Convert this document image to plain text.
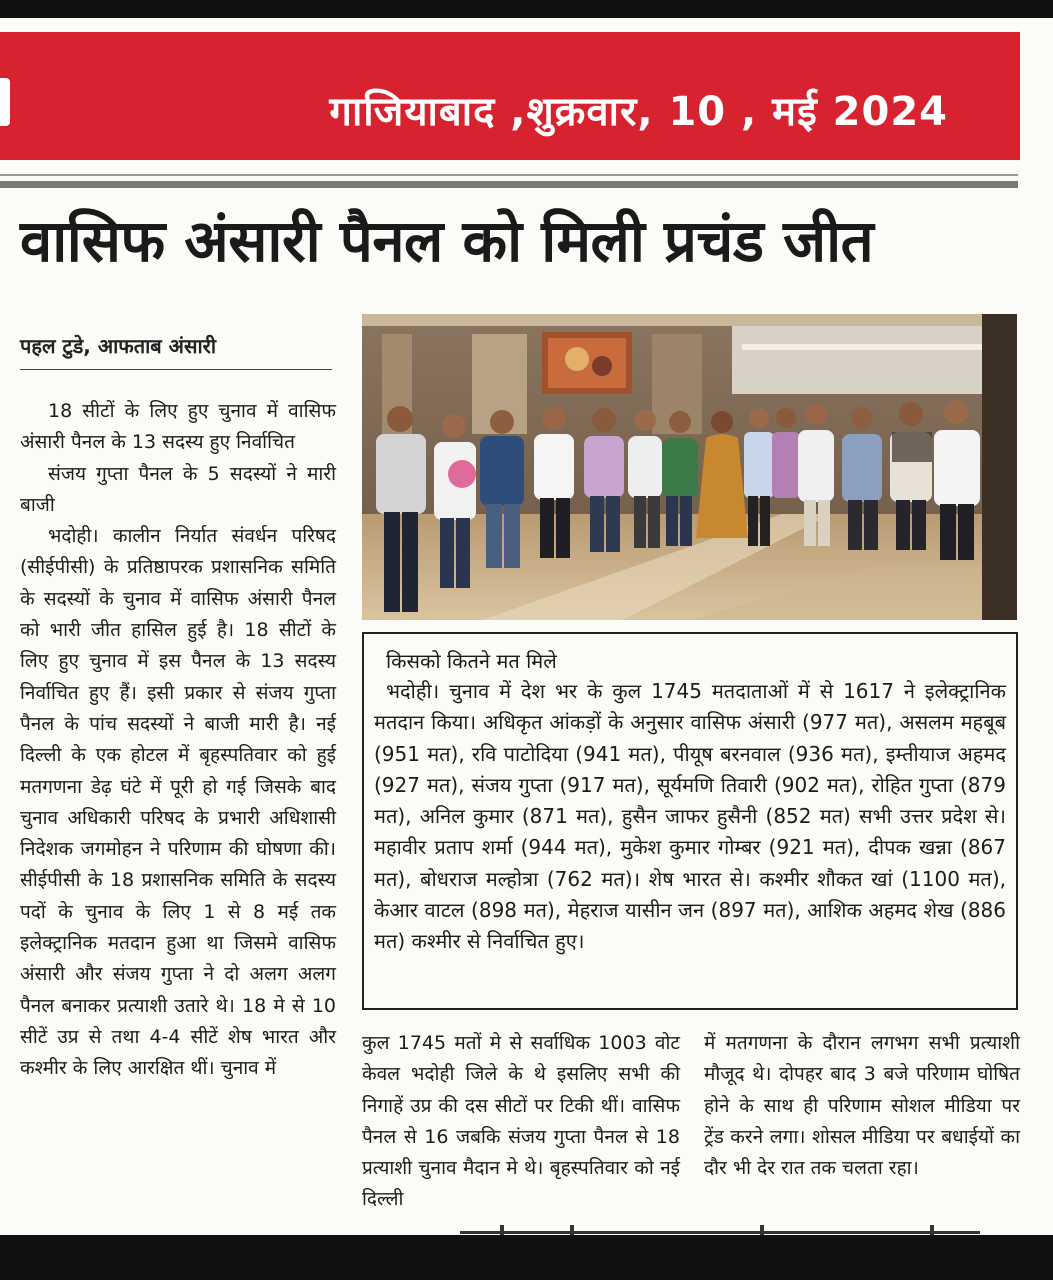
गाजियाबाद ,शुक्रवार, 10 , मई 2024
वासिफ अंसारी पैनल को मिली प्रचंड जीत
पहल टुडे, आफताब अंसारी

18 सीटों के लिए हुए चुनाव में वासिफ अंसारी पैनल के 13 सदस्य हुए निर्वाचित

संजय गुप्ता पैनल के 5 सदस्यों ने मारी बाजी

भदोही। कालीन निर्यात संवर्धन परिषद (सीईपीसी) के प्रतिष्ठापरक प्रशासनिक समिति के सदस्यों के चुनाव में वासिफ अंसारी पैनल को भारी जीत हासिल हुई है। 18 सीटों के लिए हुए चुनाव में इस पैनल के 13 सदस्य निर्वाचित हुए हैं। इसी प्रकार से संजय गुप्ता पैनल के पांच सदस्यों ने बाजी मारी है। नई दिल्ली के एक होटल में बृहस्पतिवार को हुई मतगणना डेढ़ घंटे में पूरी हो गई जिसके बाद चुनाव अधिकारी परिषद के प्रभारी अधिशासी निदेशक जगमोहन ने परिणाम की घोषणा की। सीईपीसी के 18 प्रशासनिक समिति के सदस्य पदों के चुनाव के लिए 1 से 8 मई तक इलेक्ट्रानिक मतदान हुआ था जिसमे वासिफ अंसारी और संजय गुप्ता ने दो अलग अलग पैनल बनाकर प्रत्याशी उतारे थे। 18 मे से 10 सीटें उप्र से तथा 4-4 सीटें शेष भारत और कश्मीर के लिए आरक्षित थीं। चुनाव में

किसको कितने मत मिले

भदोही। चुनाव में देश भर के कुल 1745 मतदाताओं में से 1617 ने इलेक्ट्रानिक मतदान किया। अधिकृत आंकड़ों के अनुसार वासिफ अंसारी (977 मत), असलम महबूब (951 मत), रवि पाटोदिया (941 मत), पीयूष बरनवाल (936 मत), इम्तीयाज अहमद (927 मत), संजय गुप्ता (917 मत), सूर्यमणि तिवारी (902 मत), रोहित गुप्ता (879 मत), अनिल कुमार (871 मत), हुसैन जाफर हुसैनी (852 मत) सभी उत्तर प्रदेश से। महावीर प्रताप शर्मा (944 मत), मुकेश कुमार गोम्बर (921 मत), दीपक खन्ना (867 मत), बोधराज मल्होत्रा (762 मत)। शेष भारत से। कश्मीर शौकत खां (1100 मत), केआर वाटल (898 मत), मेहराज यासीन जन (897 मत), आशिक अहमद शेख (886 मत) कश्मीर से निर्वाचित हुए।

कुल 1745 मतों मे से सर्वाधिक 1003 वोट केवल भदोही जिले के थे इसलिए सभी की निगाहें उप्र की दस सीटों पर टिकी थीं। वासिफ पैनल से 16 जबकि संजय गुप्ता पैनल से 18 प्रत्याशी चुनाव मैदान मे थे। बृहस्पतिवार को नई दिल्ली
में मतगणना के दौरान लगभग सभी प्रत्याशी मौजूद थे। दोपहर बाद 3 बजे परिणाम घोषित होने के साथ ही परिणाम सोशल मीडिया पर ट्रेंड करने लगा। शोसल मीडिया पर बधाईयों का दौर भी देर रात तक चलता रहा।
